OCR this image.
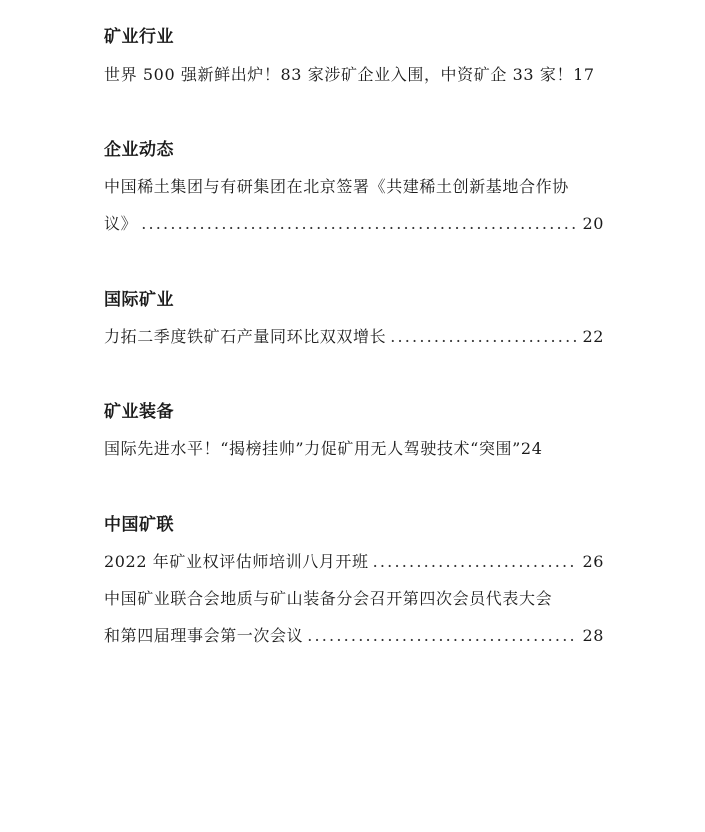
矿业行业
世界 500 强新鲜出炉！83 家涉矿企业入围，中资矿企 33 家！17
企业动态
中国稀土集团与有研集团在北京签署《共建稀土创新基地合作协
议》 .....	20
国际矿业
力拓二季度铁矿石产量同环比双双增长 .....	22
矿业装备
国际先进水平！“揭榜挂帅”力促矿用无人驾驶技术“突围”24
中国矿联
2022 年矿业权评估师培训八月开班 .....	26
中国矿业联合会地质与矿山装备分会召开第四次会员代表大会
和第四届理事会第一次会议 .....	28
